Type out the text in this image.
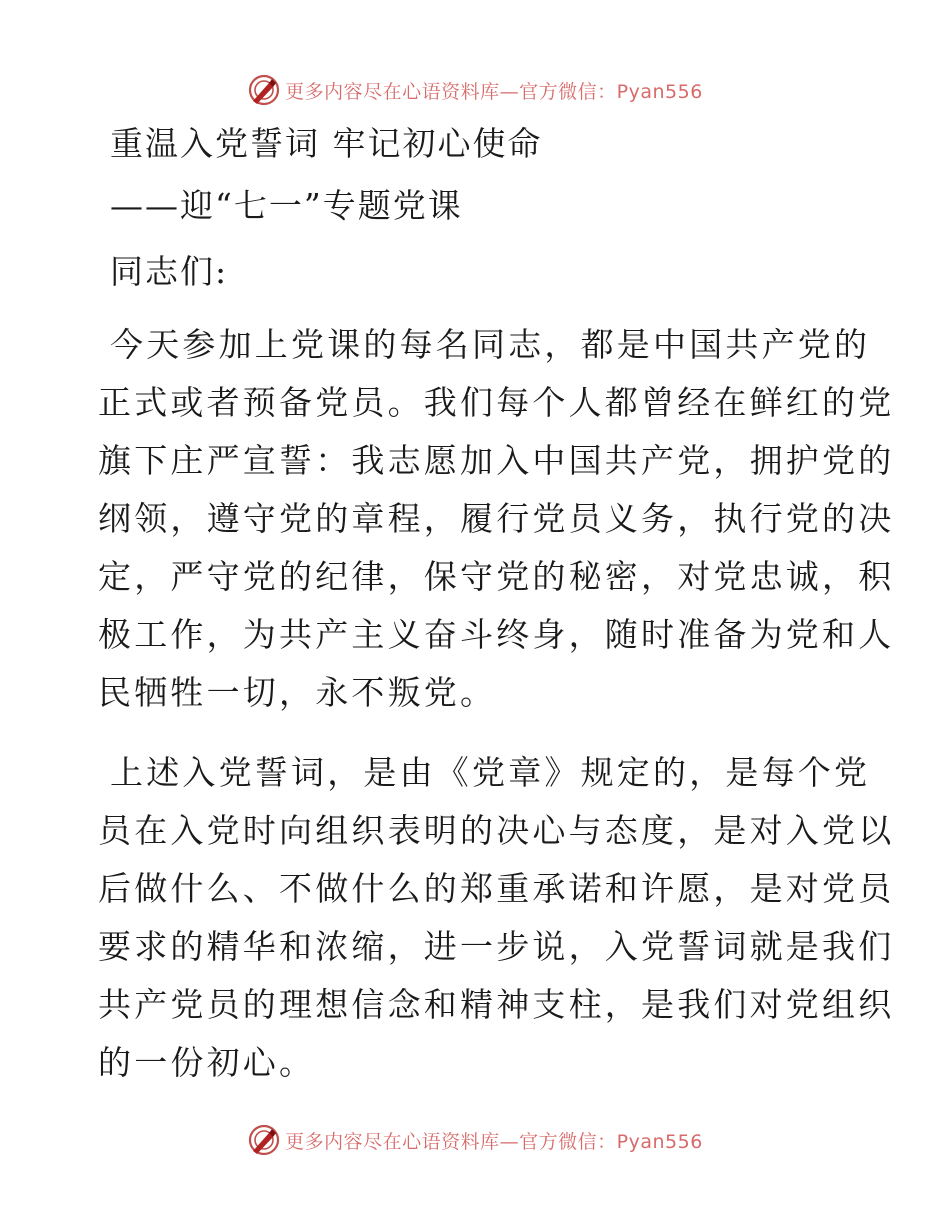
更多内容尽在心语资料库—官方微信：Pyan556

重温入党誓词 牢记初心使命

——迎“七一”专题党课

同志们:

今天参加上党课的每名同志，都是中国共产党的
正式或者预备党员。我们每个人都曾经在鲜红的党
旗下庄严宣誓：我志愿加入中国共产党，拥护党的
纲领，遵守党的章程，履行党员义务，执行党的决
定，严守党的纪律，保守党的秘密，对党忠诚，积
极工作，为共产主义奋斗终身，随时准备为党和人
民牺牲一切，永不叛党。
上述入党誓词，是由《党章》规定的，是每个党
员在入党时向组织表明的决心与态度，是对入党以
后做什么、不做什么的郑重承诺和许愿，是对党员
要求的精华和浓缩，进一步说，入党誓词就是我们
共产党员的理想信念和精神支柱，是我们对党组织
的一份初心。
更多内容尽在心语资料库—官方微信：Pyan556
